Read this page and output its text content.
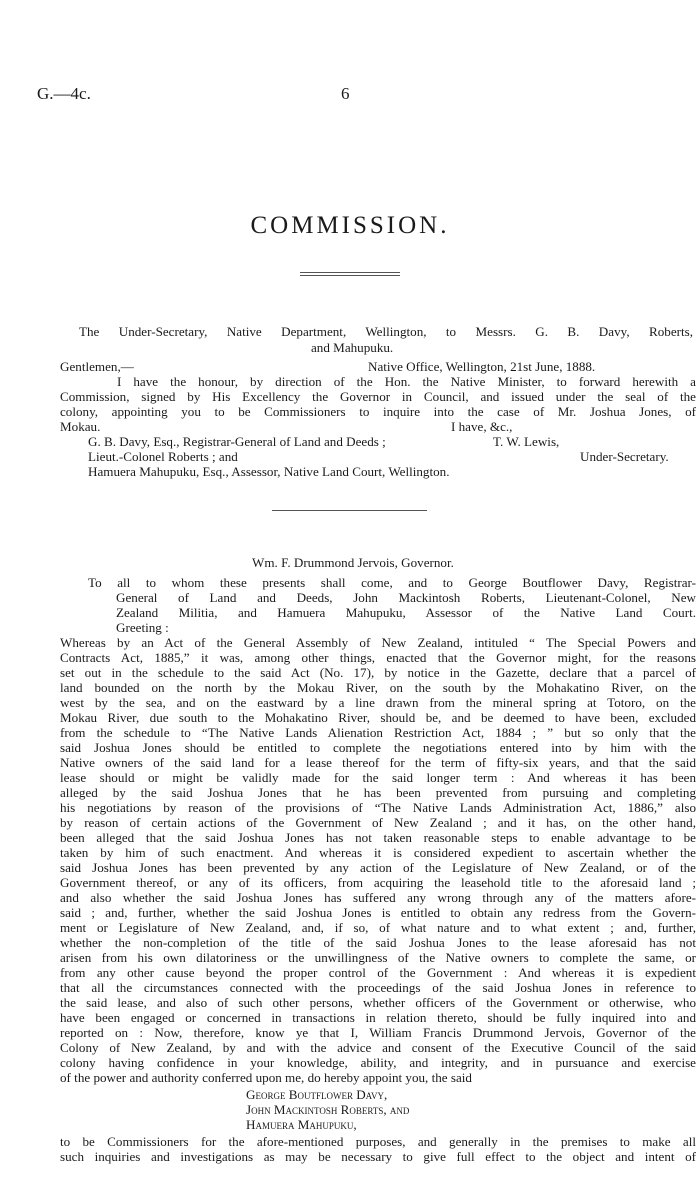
G.—4c.	6
COMMISSION.
The Under-Secretary, Native Department, Wellington, to Messrs. G. B. Davy, Roberts,
and Mahupuku.
Gentlemen,—	Native Office, Wellington, 21st June, 1888.
I have the honour, by direction of the Hon. the Native Minister, to forward herewith a
Commission, signed by His Excellency the Governor in Council, and issued under the seal of the
colony, appointing you to be Commissioners to inquire into the case of Mr. Joshua Jones, of
Mokau.	I have, &c.,
G. B. Davy, Esq., Registrar-General of Land and Deeds ;	T. W. Lewis,
Lieut.-Colonel Roberts ; and	Under-Secretary.
Hamuera Mahupuku, Esq., Assessor, Native Land Court, Wellington.
Wm. F. Drummond Jervois, Governor.
To all to whom these presents shall come, and to George Boutflower Davy, Registrar-
General of Land and Deeds, John Mackintosh Roberts, Lieutenant-Colonel, New
Zealand Militia, and Hamuera Mahupuku, Assessor of the Native Land Court.
Greeting :
Whereas by an Act of the General Assembly of New Zealand, intituled “ The Special Powers and
Contracts Act, 1885,” it was, among other things, enacted that the Governor might, for the reasons
set out in the schedule to the said Act (No. 17), by notice in the Gazette, declare that a parcel of
land bounded on the north by the Mokau River, on the south by the Mohakatino River, on the
west by the sea, and on the eastward by a line drawn from the mineral spring at Totoro, on the
Mokau River, due south to the Mohakatino River, should be, and be deemed to have been, excluded
from the schedule to “The Native Lands Alienation Restriction Act, 1884 ; ” but so only that the
said Joshua Jones should be entitled to complete the negotiations entered into by him with the
Native owners of the said land for a lease thereof for the term of fifty-six years, and that the said
lease should or might be validly made for the said longer term : And whereas it has been
alleged by the said Joshua Jones that he has been prevented from pursuing and completing
his negotiations by reason of the provisions of “The Native Lands Administration Act, 1886,” also
by reason of certain actions of the Government of New Zealand ; and it has, on the other hand,
been alleged that the said Joshua Jones has not taken reasonable steps to enable advantage to be
taken by him of such enactment. And whereas it is considered expedient to ascertain whether the
said Joshua Jones has been prevented by any action of the Legislature of New Zealand, or of the
Government thereof, or any of its officers, from acquiring the leasehold title to the aforesaid land ;
and also whether the said Joshua Jones has suffered any wrong through any of the matters afore-
said ; and, further, whether the said Joshua Jones is entitled to obtain any redress from the Govern-
ment or Legislature of New Zealand, and, if so, of what nature and to what extent ; and, further,
whether the non-completion of the title of the said Joshua Jones to the lease aforesaid has not
arisen from his own dilatoriness or the unwillingness of the Native owners to complete the same, or
from any other cause beyond the proper control of the Government : And whereas it is expedient
that all the circumstances connected with the proceedings of the said Joshua Jones in reference to
the said lease, and also of such other persons, whether officers of the Government or otherwise, who
have been engaged or concerned in transactions in relation thereto, should be fully inquired into and
reported on : Now, therefore, know ye that I, William Francis Drummond Jervois, Governor of the
Colony of New Zealand, by and with the advice and consent of the Executive Council of the said
colony having confidence in your knowledge, ability, and integrity, and in pursuance and exercise
of the power and authority conferred upon me, do hereby appoint you, the said
George Boutflower Davy,
John Mackintosh Roberts, and
Hamuera Mahupuku,
to be Commissioners for the afore-mentioned purposes, and generally in the premises to make all
such inquiries and investigations as may be necessary to give full effect to the object and intent of
